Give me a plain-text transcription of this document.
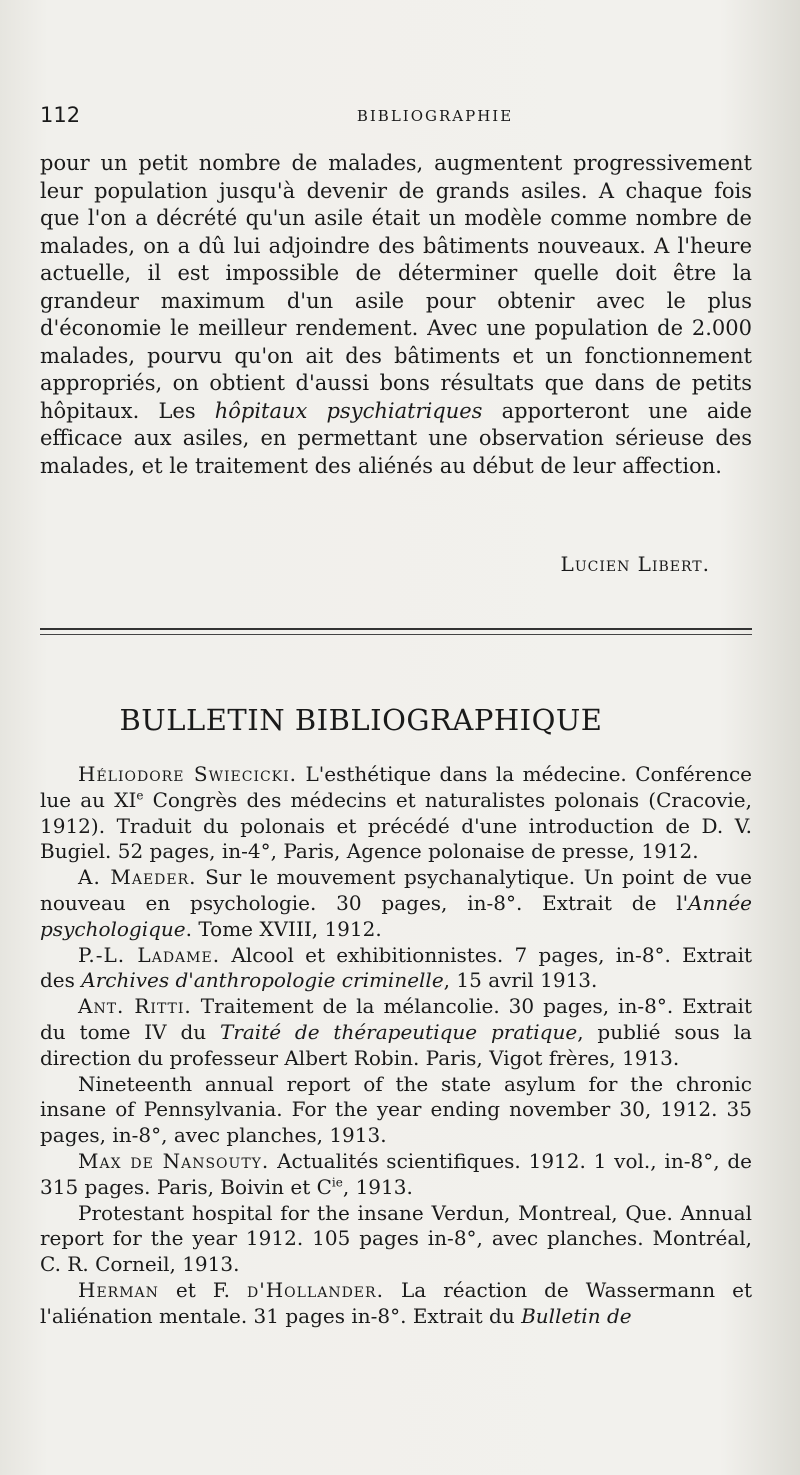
112	BIBLIOGRAPHIE

pour un petit nombre de malades, augmentent progressivement leur population jusqu'à devenir de grands asiles. A chaque fois que l'on a décrété qu'un asile était un modèle comme nombre de malades, on a dû lui adjoindre des bâtiments nouveaux. A l'heure actuelle, il est impossible de déterminer quelle doit être la grandeur maximum d'un asile pour obtenir avec le plus d'économie le meilleur rendement. Avec une population de 2.000 malades, pourvu qu'on ait des bâtiments et un fonctionnement appropriés, on obtient d'aussi bons résultats que dans de petits hôpitaux. Les hôpitaux psychiatriques apporteront une aide efficace aux asiles, en permettant une observation sérieuse des malades, et le traitement des aliénés au début de leur affection.

Lucien Libert.
BULLETIN BIBLIOGRAPHIQUE

Héliodore Swiecicki. L'esthétique dans la médecine. Conférence lue au XIe Congrès des médecins et naturalistes polonais (Cracovie, 1912). Traduit du polonais et précédé d'une introduction de D. V. Bugiel. 52 pages, in-4°, Paris, Agence polonaise de presse, 1912.

A. Maeder. Sur le mouvement psychanalytique. Un point de vue nouveau en psychologie. 30 pages, in-8°. Extrait de l'Année psychologique. Tome XVIII, 1912.

P.-L. Ladame. Alcool et exhibitionnistes. 7 pages, in-8°. Extrait des Archives d'anthropologie criminelle, 15 avril 1913.

Ant. Ritti. Traitement de la mélancolie. 30 pages, in-8°. Extrait du tome IV du Traité de thérapeutique pratique, publié sous la direction du professeur Albert Robin. Paris, Vigot frères, 1913.

Nineteenth annual report of the state asylum for the chronic insane of Pennsylvania. For the year ending november 30, 1912. 35 pages, in-8°, avec planches, 1913.

Max de Nansouty. Actualités scientifiques. 1912. 1 vol., in-8°, de 315 pages. Paris, Boivin et $C^{ie}$, 1913.

Protestant hospital for the insane Verdun, Montreal, Que. Annual report for the year 1912. 105 pages in-8°, avec planches. Montréal, C. R. Corneil, 1913.

Herman et F. d'Hollander. La réaction de Wassermann et l'aliénation mentale. 31 pages in-8°. Extrait du Bulletin de
